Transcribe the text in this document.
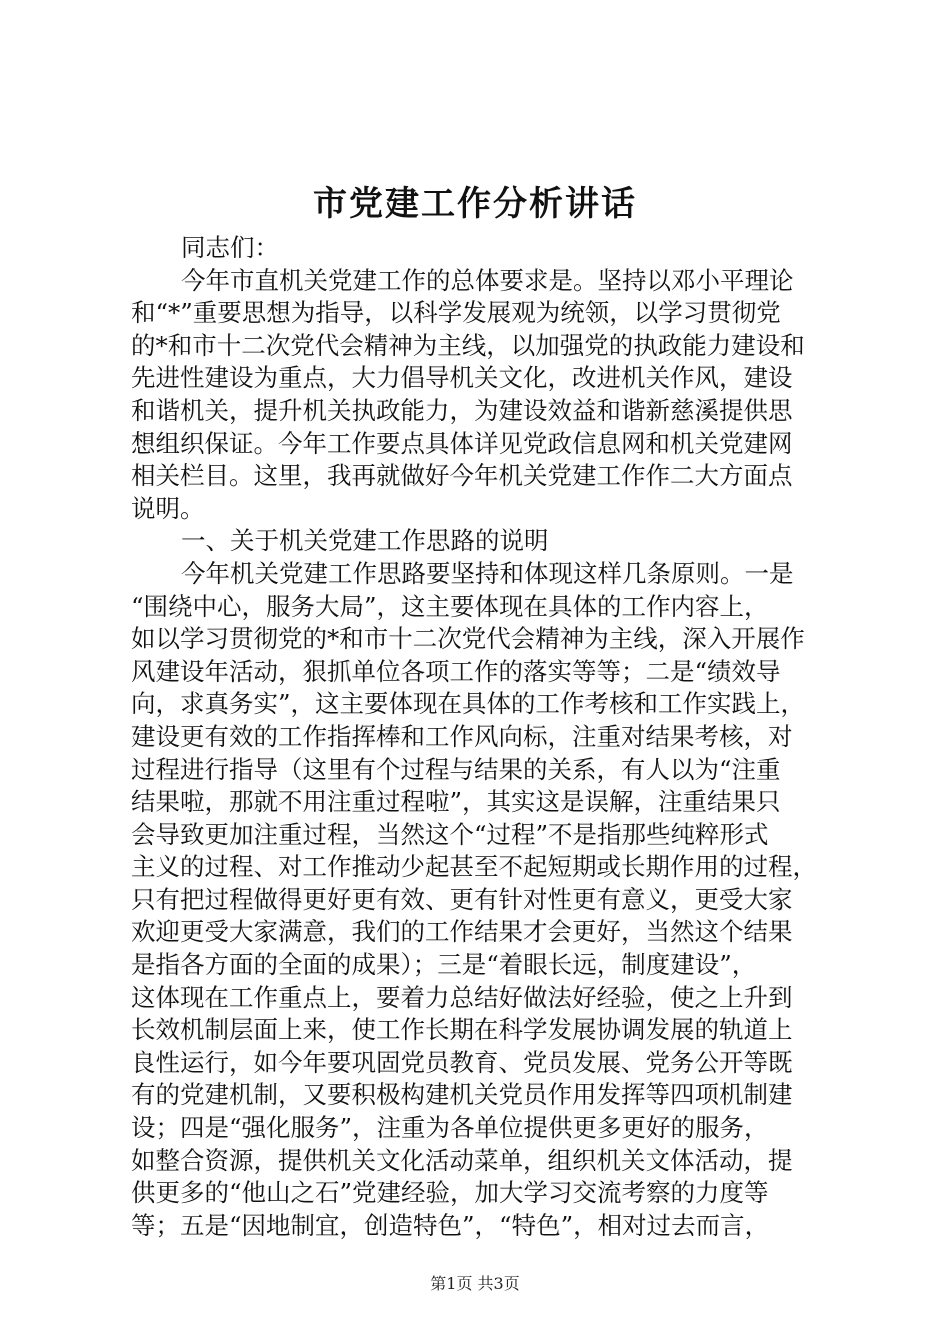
市党建工作分析讲话
同志们：
今年市直机关党建工作的总体要求是。坚持以邓小平理论
和“*”重要思想为指导，以科学发展观为统领，以学习贯彻党
的*和市十二次党代会精神为主线，以加强党的执政能力建设和
先进性建设为重点，大力倡导机关文化，改进机关作风，建设
和谐机关，提升机关执政能力，为建设效益和谐新慈溪提供思
想组织保证。今年工作要点具体详见党政信息网和机关党建网
相关栏目。这里，我再就做好今年机关党建工作作二大方面点
说明。
一、关于机关党建工作思路的说明
今年机关党建工作思路要坚持和体现这样几条原则。一是
“围绕中心，服务大局”，这主要体现在具体的工作内容上，
如以学习贯彻党的*和市十二次党代会精神为主线，深入开展作
风建设年活动，狠抓单位各项工作的落实等等；二是“绩效导
向，求真务实”，这主要体现在具体的工作考核和工作实践上，
建设更有效的工作指挥棒和工作风向标，注重对结果考核，对
过程进行指导（这里有个过程与结果的关系，有人以为“注重
结果啦，那就不用注重过程啦”，其实这是误解，注重结果只
会导致更加注重过程，当然这个“过程”不是指那些纯粹形式
主义的过程、对工作推动少起甚至不起短期或长期作用的过程，
只有把过程做得更好更有效、更有针对性更有意义，更受大家
欢迎更受大家满意，我们的工作结果才会更好，当然这个结果
是指各方面的全面的成果）；三是“着眼长远，制度建设”，
这体现在工作重点上，要着力总结好做法好经验，使之上升到
长效机制层面上来，使工作长期在科学发展协调发展的轨道上
良性运行，如今年要巩固党员教育、党员发展、党务公开等既
有的党建机制，又要积极构建机关党员作用发挥等四项机制建
设；四是“强化服务”，注重为各单位提供更多更好的服务，
如整合资源，提供机关文化活动菜单，组织机关文体活动，提
供更多的“他山之石”党建经验，加大学习交流考察的力度等
等；五是“因地制宜，创造特色”，“特色”，相对过去而言，
第1页 共3页
